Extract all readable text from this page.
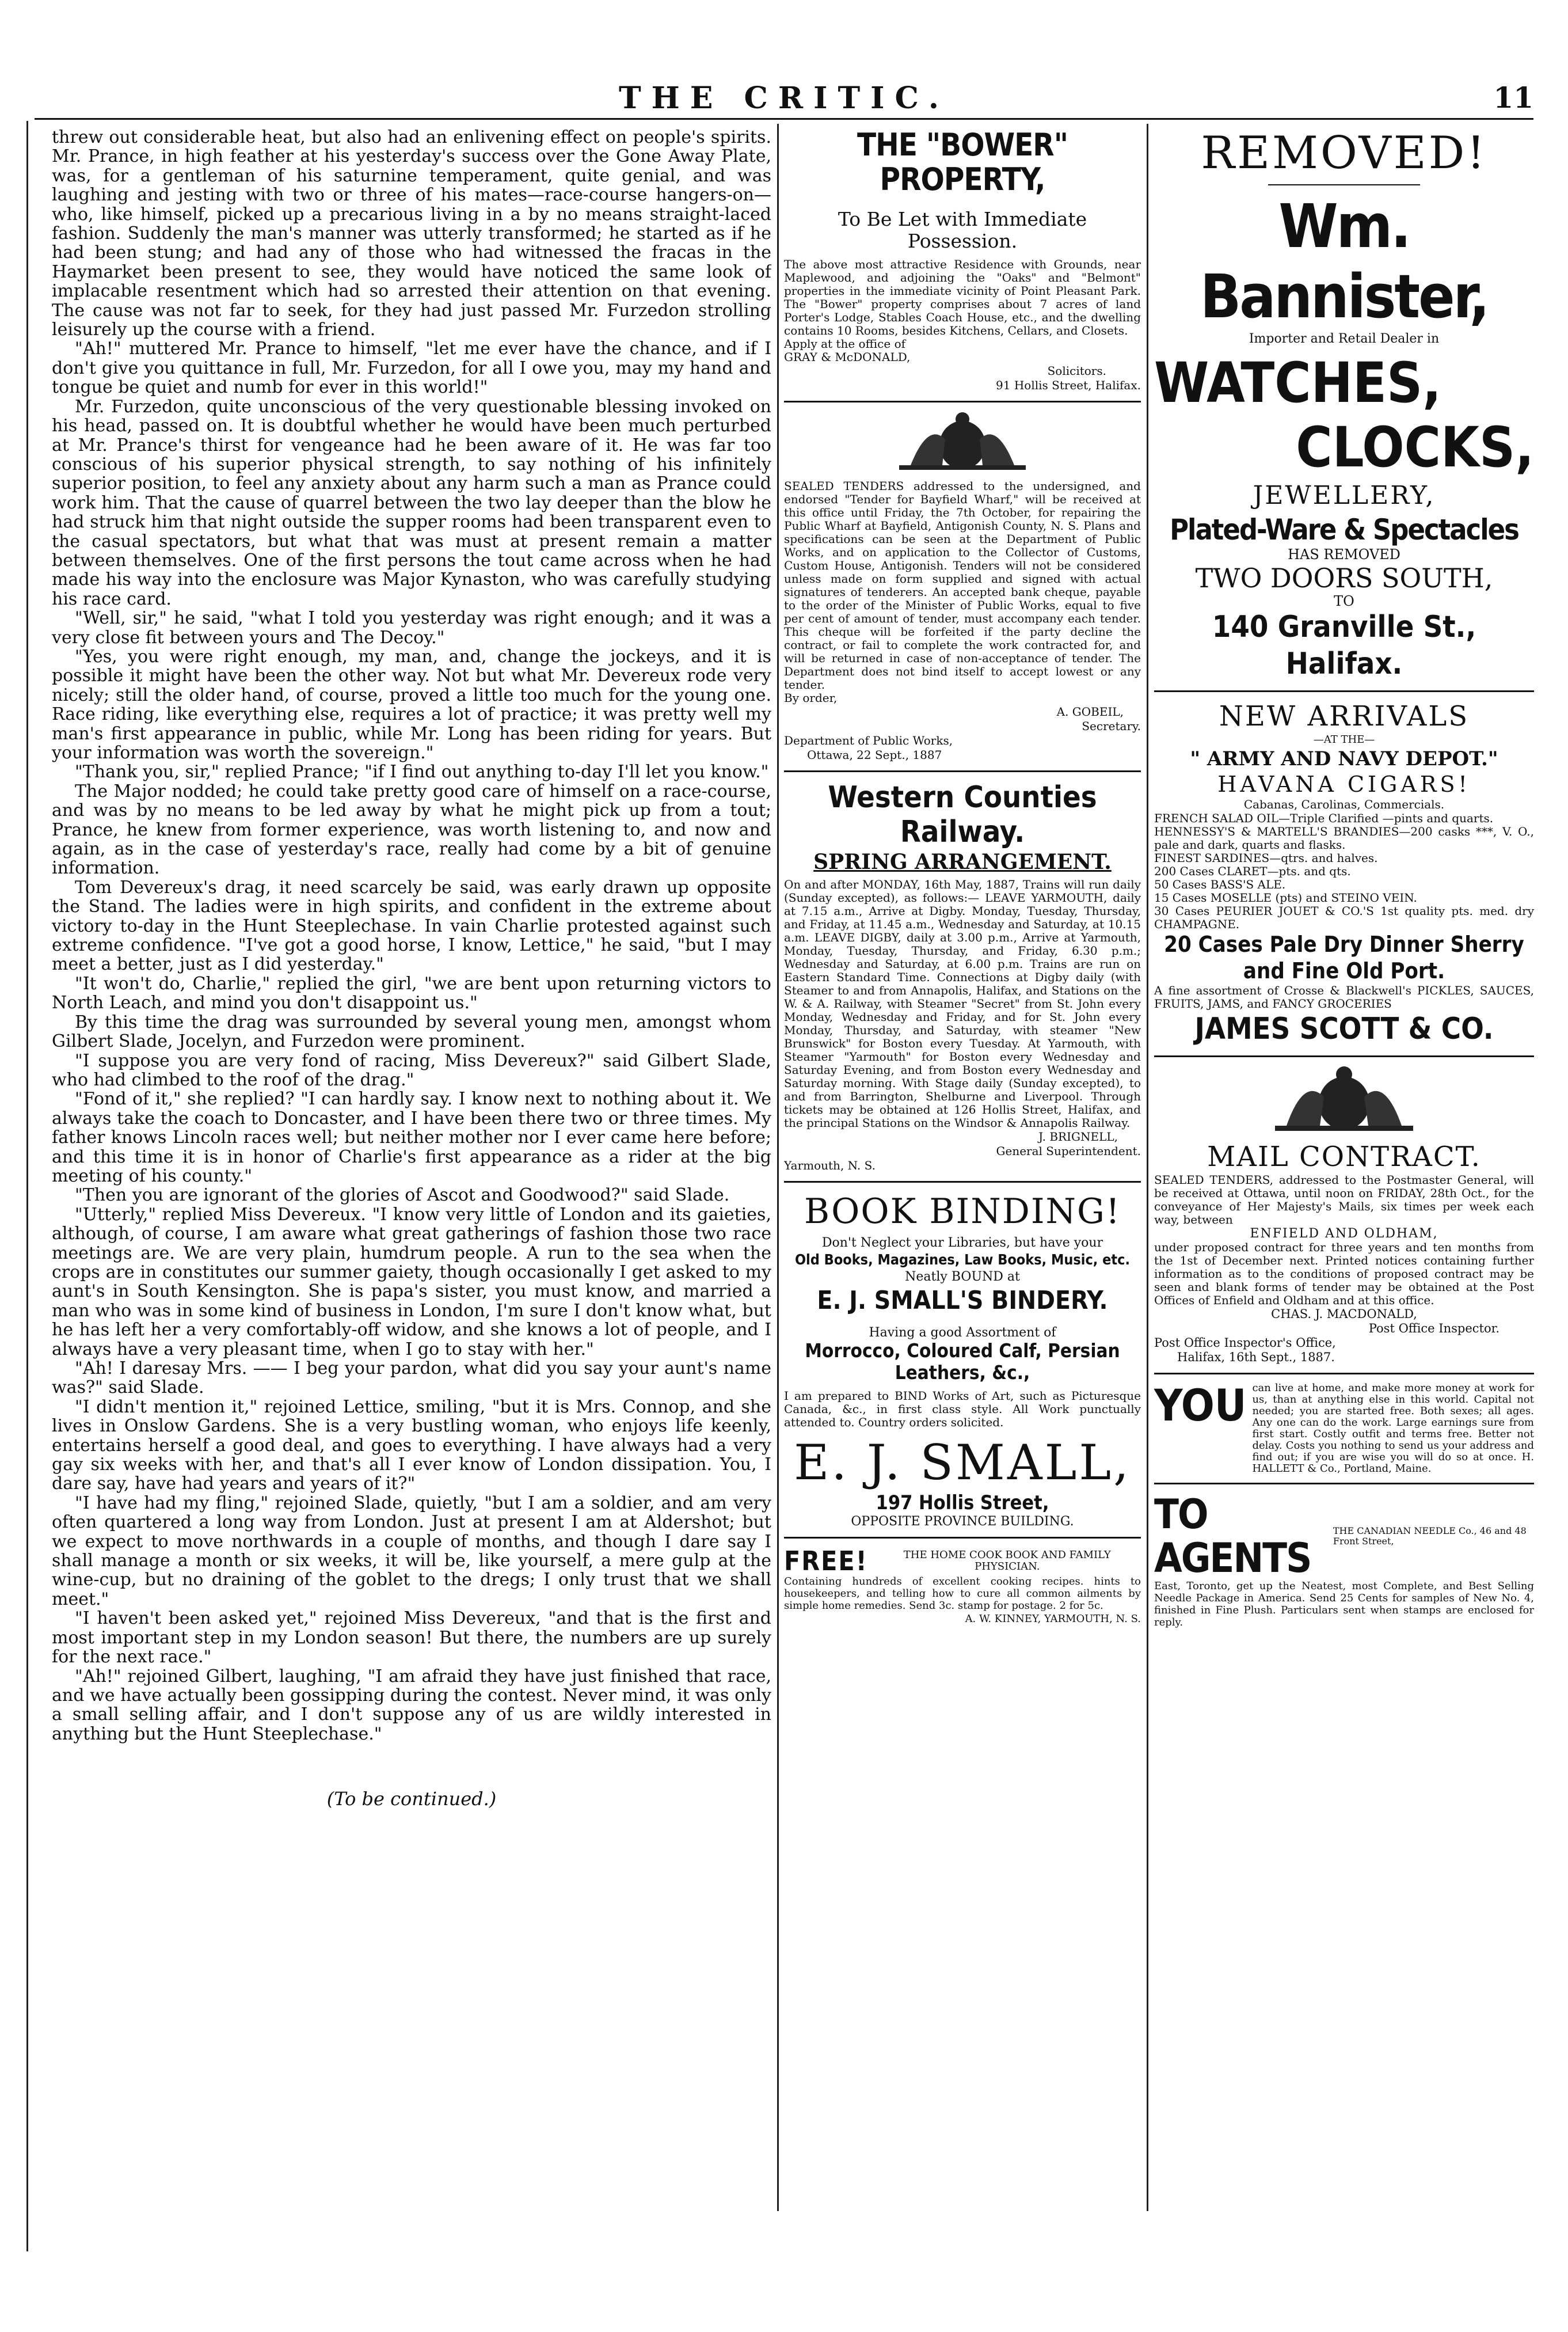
THE CRITIC.	11

threw out considerable heat, but also had an enlivening effect on people's spirits. Mr. Prance, in high feather at his yesterday's success over the Gone Away Plate, was, for a gentleman of his saturnine temperament, quite genial, and was laughing and jesting with two or three of his mates—race-course hangers-on—who, like himself, picked up a precarious living in a by no means straight-laced fashion. Suddenly the man's manner was utterly transformed; he started as if he had been stung; and had any of those who had witnessed the fracas in the Haymarket been present to see, they would have noticed the same look of implacable resentment which had so arrested their attention on that evening. The cause was not far to seek, for they had just passed Mr. Furzedon strolling leisurely up the course with a friend.

"Ah!" muttered Mr. Prance to himself, "let me ever have the chance, and if I don't give you quittance in full, Mr. Furzedon, for all I owe you, may my hand and tongue be quiet and numb for ever in this world!"

Mr. Furzedon, quite unconscious of the very questionable blessing invoked on his head, passed on. It is doubtful whether he would have been much perturbed at Mr. Prance's thirst for vengeance had he been aware of it. He was far too conscious of his superior physical strength, to say nothing of his infinitely superior position, to feel any anxiety about any harm such a man as Prance could work him. That the cause of quarrel between the two lay deeper than the blow he had struck him that night outside the supper rooms had been transparent even to the casual spectators, but what that was must at present remain a matter between themselves. One of the first persons the tout came across when he had made his way into the enclosure was Major Kynaston, who was carefully studying his race card.

"Well, sir," he said, "what I told you yesterday was right enough; and it was a very close fit between yours and The Decoy."

"Yes, you were right enough, my man, and, change the jockeys, and it is possible it might have been the other way. Not but what Mr. Devereux rode very nicely; still the older hand, of course, proved a little too much for the young one. Race riding, like everything else, requires a lot of practice; it was pretty well my man's first appearance in public, while Mr. Long has been riding for years. But your information was worth the sovereign."

"Thank you, sir," replied Prance; "if I find out anything to-day I'll let you know."

The Major nodded; he could take pretty good care of himself on a race-course, and was by no means to be led away by what he might pick up from a tout; Prance, he knew from former experience, was worth listening to, and now and again, as in the case of yesterday's race, really had come by a bit of genuine information.

Tom Devereux's drag, it need scarcely be said, was early drawn up opposite the Stand. The ladies were in high spirits, and confident in the extreme about victory to-day in the Hunt Steeplechase. In vain Charlie protested against such extreme confidence. "I've got a good horse, I know, Lettice," he said, "but I may meet a better, just as I did yesterday."

"It won't do, Charlie," replied the girl, "we are bent upon returning victors to North Leach, and mind you don't disappoint us."

By this time the drag was surrounded by several young men, amongst whom Gilbert Slade, Jocelyn, and Furzedon were prominent.

"I suppose you are very fond of racing, Miss Devereux?" said Gilbert Slade, who had climbed to the roof of the drag."

"Fond of it," she replied? "I can hardly say. I know next to nothing about it. We always take the coach to Doncaster, and I have been there two or three times. My father knows Lincoln races well; but neither mother nor I ever came here before; and this time it is in honor of Charlie's first appearance as a rider at the big meeting of his county."

"Then you are ignorant of the glories of Ascot and Goodwood?" said Slade.

"Utterly," replied Miss Devereux. "I know very little of London and its gaieties, although, of course, I am aware what great gatherings of fashion those two race meetings are. We are very plain, humdrum people. A run to the sea when the crops are in constitutes our summer gaiety, though occasionally I get asked to my aunt's in South Kensington. She is papa's sister, you must know, and married a man who was in some kind of business in London, I'm sure I don't know what, but he has left her a very comfortably-off widow, and she knows a lot of people, and I always have a very pleasant time, when I go to stay with her."

"Ah! I daresay Mrs. —— I beg your pardon, what did you say your aunt's name was?" said Slade.

"I didn't mention it," rejoined Lettice, smiling, "but it is Mrs. Connop, and she lives in Onslow Gardens. She is a very bustling woman, who enjoys life keenly, entertains herself a good deal, and goes to everything. I have always had a very gay six weeks with her, and that's all I ever know of London dissipation. You, I dare say, have had years and years of it?"

"I have had my fling," rejoined Slade, quietly, "but I am a soldier, and am very often quartered a long way from London. Just at present I am at Aldershot; but we expect to move northwards in a couple of months, and though I dare say I shall manage a month or six weeks, it will be, like yourself, a mere gulp at the wine-cup, but no draining of the goblet to the dregs; I only trust that we shall meet."

"I haven't been asked yet," rejoined Miss Devereux, "and that is the first and most important step in my London season! But there, the numbers are up surely for the next race."

"Ah!" rejoined Gilbert, laughing, "I am afraid they have just finished that race, and we have actually been gossipping during the contest. Never mind, it was only a small selling affair, and I don't suppose any of us are wildly interested in anything but the Hunt Steeplechase."

(To be continued.)
THE "BOWER" PROPERTY,
To Be Let with Immediate
Possession.
The above most attractive Residence with Grounds, near Maplewood, and adjoining the "Oaks" and "Belmont" properties in the immediate vicinity of Point Pleasant Park. The "Bower" property comprises about 7 acres of land Porter's Lodge, Stables Coach House, etc., and the dwelling contains 10 Rooms, besides Kitchens, Cellars, and Closets.
Apply at the office of
GRAY & McDONALD,
Solicitors.
91 Hollis Street, Halifax.
SEALED TENDERS addressed to the undersigned, and endorsed "Tender for Bayfield Wharf," will be received at this office until Friday, the 7th October, for repairing the Public Wharf at Bayfield, Antigonish County, N. S. Plans and specifications can be seen at the Department of Public Works, and on application to the Collector of Customs, Custom House, Antigonish. Tenders will not be considered unless made on form supplied and signed with actual signatures of tenderers. An accepted bank cheque, payable to the order of the Minister of Public Works, equal to five per cent of amount of tender, must accompany each tender. This cheque will be forfeited if the party decline the contract, or fail to complete the work contracted for, and will be returned in case of non-acceptance of tender. The Department does not bind itself to accept lowest or any tender.
By order,
A. GOBEIL,
Secretary.
Department of Public Works,
Ottawa, 22 Sept., 1887
Western Counties Railway.
SPRING ARRANGEMENT.
On and after MONDAY, 16th May, 1887, Trains will run daily (Sunday excepted), as follows:— LEAVE YARMOUTH, daily at 7.15 a.m., Arrive at Digby. Monday, Tuesday, Thursday, and Friday, at 11.45 a.m., Wednesday and Saturday, at 10.15 a.m. LEAVE DIGBY, daily at 3.00 p.m., Arrive at Yarmouth, Monday, Tuesday, Thursday, and Friday, 6.30 p.m.; Wednesday and Saturday, at 6.00 p.m. Trains are run on Eastern Standard Time. Connections at Digby daily (with Steamer to and from Annapolis, Halifax, and Stations on the W. & A. Railway, with Steamer "Secret" from St. John every Monday, Wednesday and Friday, and for St. John every Monday, Thursday, and Saturday, with steamer "New Brunswick" for Boston every Tuesday. At Yarmouth, with Steamer "Yarmouth" for Boston every Wednesday and Saturday Evening, and from Boston every Wednesday and Saturday morning. With Stage daily (Sunday excepted), to and from Barrington, Shelburne and Liverpool. Through tickets may be obtained at 126 Hollis Street, Halifax, and the principal Stations on the Windsor & Annapolis Railway.
J. BRIGNELL,
General Superintendent.
Yarmouth, N. S.
BOOK BINDING!
Don't Neglect your Libraries, but have your
Old Books, Magazines, Law Books, Music, etc.
Neatly BOUND at
E. J. SMALL'S BINDERY.
Having a good Assortment of
Morrocco, Coloured Calf, Persian
Leathers, &c.,
I am prepared to BIND Works of Art, such as Picturesque Canada, &c., in first class style. All Work punctually attended to. Country orders solicited.
E. J. SMALL,
197 Hollis Street,
OPPOSITE PROVINCE BUILDING.
FREE!	THE HOME COOK BOOK AND FAMILY PHYSICIAN.
Containing hundreds of excellent cooking recipes. hints to housekeepers, and telling how to cure all common ailments by simple home remedies. Send 3c. stamp for postage. 2 for 5c.
A. W. KINNEY, YARMOUTH, N. S.
REMOVED!
Wm. Bannister,
Importer and Retail Dealer in
WATCHES,
CLOCKS,
JEWELLERY,
Plated-Ware & Spectacles
HAS REMOVED
TWO DOORS SOUTH,
TO
140 Granville St., Halifax.
NEW ARRIVALS
—AT THE—
" ARMY AND NAVY DEPOT."
HAVANA CIGARS!
Cabanas, Carolinas, Commercials.
FRENCH SALAD OIL—Triple Clarified —pints and quarts.
HENNESSY'S & MARTELL'S BRANDIES—200 casks ***, V. O., pale and dark, quarts and flasks.
FINEST SARDINES—qtrs. and halves.
200 Cases CLARET—pts. and qts.
50 Cases BASS'S ALE.
15 Cases MOSELLE (pts) and STEINO VEIN.
30 Cases PEURIER JOUET & CO.'S 1st quality pts. med. dry CHAMPAGNE.
20 Cases Pale Dry Dinner Sherry and Fine Old Port.
A fine assortment of Crosse & Blackwell's PICKLES, SAUCES, FRUITS, JAMS, and FANCY GROCERIES
JAMES SCOTT & CO.
MAIL CONTRACT.
SEALED TENDERS, addressed to the Postmaster General, will be received at Ottawa, until noon on FRIDAY, 28th Oct., for the conveyance of Her Majesty's Mails, six times per week each way, between
ENFIELD AND OLDHAM,
under proposed contract for three years and ten months from the 1st of December next. Printed notices containing further information as to the conditions of proposed contract may be seen and blank forms of tender may be obtained at the Post Offices of Enfield and Oldham and at this office.
CHAS. J. MACDONALD,
Post Office Inspector.
Post Office Inspector's Office,
Halifax, 16th Sept., 1887.
YOU can live at home, and make more money at work for us, than at anything else in this world. Capital not needed; you are started free. Both sexes; all ages. Any one can do the work. Large earnings sure from first start. Costly outfit and terms free. Better not delay. Costs you nothing to send us your address and find out; if you are wise you will do so at once. H. HALLETT & Co., Portland, Maine.
TO AGENTS
THE CANADIAN NEEDLE Co., 46 and 48 Front Street,
East, Toronto, get up the Neatest, most Complete, and Best Selling Needle Package in America. Send 25 Cents for samples of New No. 4, finished in Fine Plush. Particulars sent when stamps are enclosed for reply.
